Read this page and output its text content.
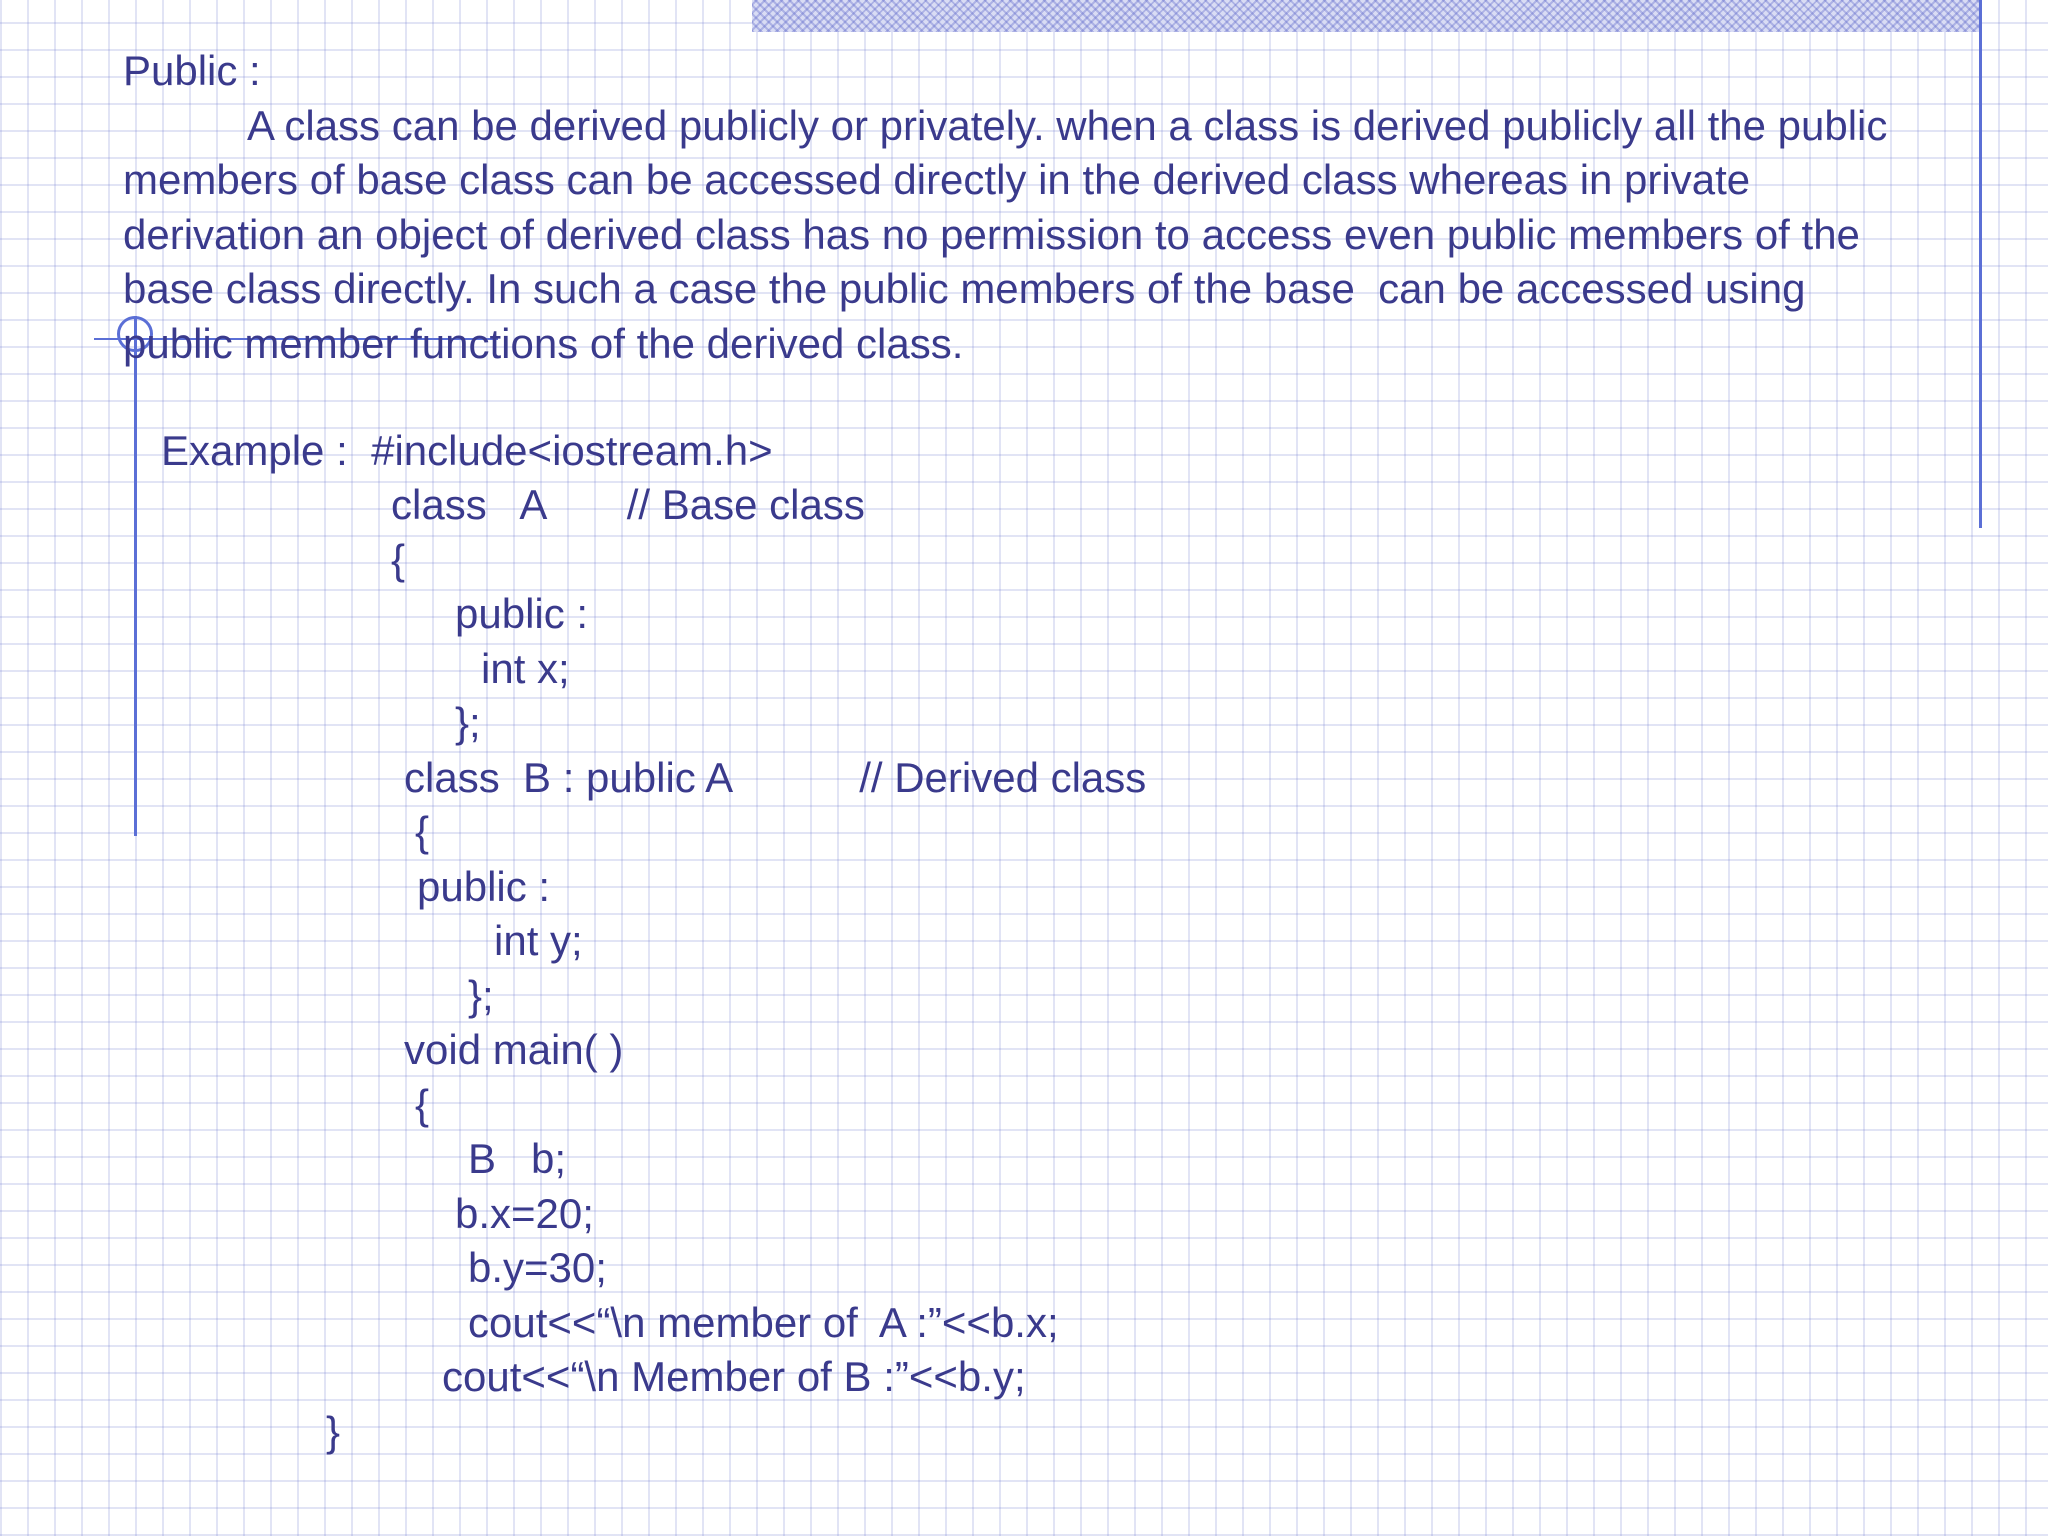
Public :

A class can be derived publicly or privately. when a class is derived publicly all the public members of base class can be accessed directly in the derived class whereas in private derivation an object of derived class has no permission to access even public members of the base class directly. In such a case the public members of the base  can be accessed using public member functions of the derived class.

Example :  #include<iostream.h>
class   A       // Base class
{
public :
int x;
};
class  B : public A           // Derived class
{
public :
int y;
};
void main( )
{
B   b;
b.x=20;
b.y=30;
cout<<“\n member of  A :”<<b.x;
cout<<“\n Member of B :”<<b.y;
}
